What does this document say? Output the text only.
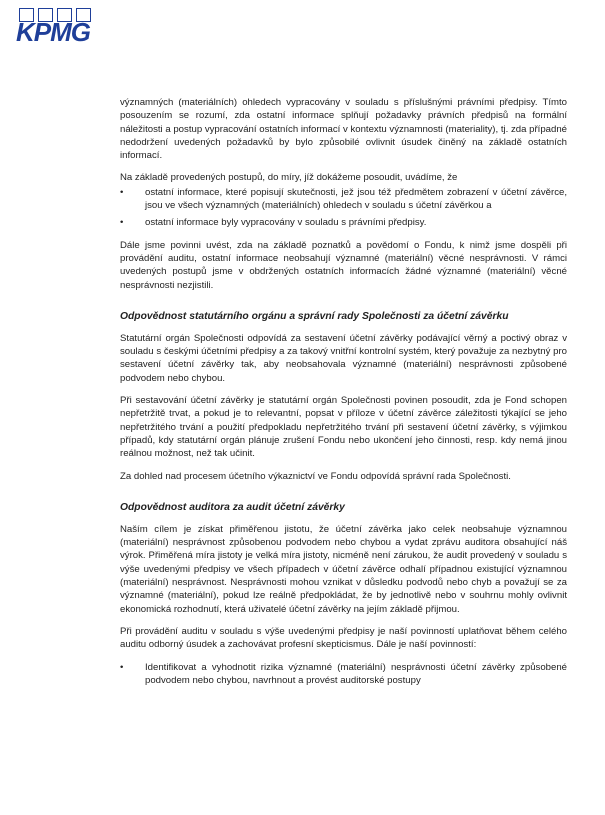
KPMG

významných (materiálních) ohledech vypracovány v souladu s příslušnými právními předpisy. Tímto posouzením se rozumí, zda ostatní informace splňují požadavky právních předpisů na formální náležitosti a postup vypracování ostatních informací v kontextu významnosti (materiality), tj. zda případné nedodržení uvedených požadavků by bylo způsobilé ovlivnit úsudek činěný na základě ostatních informací.

Na základě provedených postupů, do míry, jíž dokážeme posoudit, uvádíme, že

•	ostatní informace, které popisují skutečnosti, jež jsou též předmětem zobrazení v účetní závěrce, jsou ve všech významných (materiálních) ohledech v souladu s účetní závěrkou a
•	ostatní informace byly vypracovány v souladu s právními předpisy.

Dále jsme povinni uvést, zda na základě poznatků a povědomí o Fondu, k nimž jsme dospěli při provádění auditu, ostatní informace neobsahují významné (materiální) věcné nesprávnosti. V rámci uvedených postupů jsme v obdržených ostatních informacích žádné významné (materiální) věcné nesprávnosti nezjistili.

Odpovědnost statutárního orgánu a správní rady Společnosti za účetní závěrku

Statutární orgán Společnosti odpovídá za sestavení účetní závěrky podávající věrný a poctivý obraz v souladu s českými účetními předpisy a za takový vnitřní kontrolní systém, který považuje za nezbytný pro sestavení účetní závěrky tak, aby neobsahovala významné (materiální) nesprávnosti způsobené podvodem nebo chybou.

Při sestavování účetní závěrky je statutární orgán Společnosti povinen posoudit, zda je Fond schopen nepřetržitě trvat, a pokud je to relevantní, popsat v příloze v účetní závěrce záležitosti týkající se jeho nepřetržitého trvání a použití předpokladu nepřetržitého trvání při sestavení účetní závěrky, s výjimkou případů, kdy statutární orgán plánuje zrušení Fondu nebo ukončení jeho činnosti, resp. kdy nemá jinou reálnou možnost, než tak učinit.

Za dohled nad procesem účetního výkaznictví ve Fondu odpovídá správní rada Společnosti.

Odpovědnost auditora za audit účetní závěrky

Naším cílem je získat přiměřenou jistotu, že účetní závěrka jako celek neobsahuje významnou (materiální) nesprávnost způsobenou podvodem nebo chybou a vydat zprávu auditora obsahující náš výrok. Přiměřená míra jistoty je velká míra jistoty, nicméně není zárukou, že audit provedený v souladu s výše uvedenými předpisy ve všech případech v účetní závěrce odhalí případnou existující významnou (materiální) nesprávnost. Nesprávnosti mohou vznikat v důsledku podvodů nebo chyb a považují se za významné (materiální), pokud lze reálně předpokládat, že by jednotlivě nebo v souhrnu mohly ovlivnit ekonomická rozhodnutí, která uživatelé účetní závěrky na jejím základě přijmou.

Při provádění auditu v souladu s výše uvedenými předpisy je naší povinností uplatňovat během celého auditu odborný úsudek a zachovávat profesní skepticismus. Dále je naší povinností:

•	Identifikovat a vyhodnotit rizika významné (materiální) nesprávnosti účetní závěrky způsobené podvodem nebo chybou, navrhnout a provést auditorské postupy
